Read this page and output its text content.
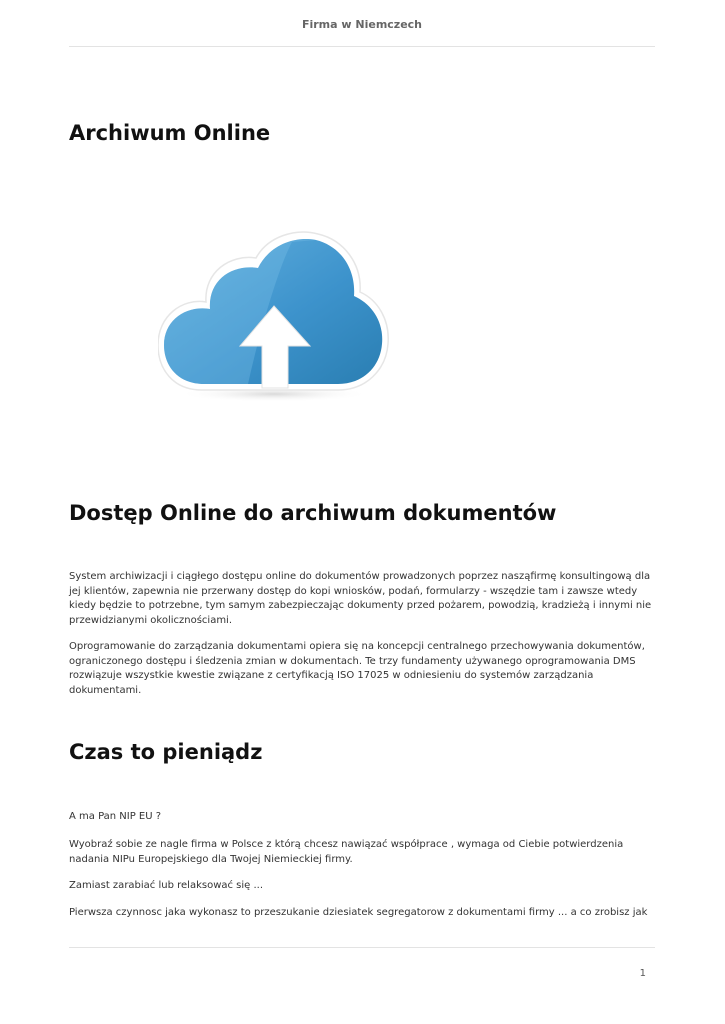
Firma w Niemczech
Archiwum Online
Dostęp Online do archiwum dokumentów

System archiwizacji i ciągłego dostępu online do dokumentów prowadzonych poprzez nasząfirmę konsultingową dla jej klientów, zapewnia nie przerwany dostęp do kopi wniosków, podań, formularzy - wszędzie tam i zawsze wtedy kiedy będzie to potrzebne, tym samym zabezpieczając dokumenty przed pożarem, powodzią, kradzieżą i innymi nie przewidzianymi okolicznościami.

Oprogramowanie do zarządzania dokumentami opiera się na koncepcji centralnego przechowywania dokumentów, ograniczonego dostępu i śledzenia zmian w dokumentach. Te trzy fundamenty używanego oprogramowania DMS rozwiązuje wszystkie kwestie związane z certyfikacją ISO 17025 w odniesieniu do systemów zarządzania dokumentami.

Czas to pieniądz

A ma Pan NIP EU ?

Wyobraź sobie ze nagle firma w Polsce z którą chcesz nawiązać współprace , wymaga od Ciebie potwierdzenia nadania NIPu Europejskiego dla Twojej Niemieckiej firmy.

Zamiast zarabiać lub relaksować się ...

Pierwsza czynnosc jaka wykonasz to przeszukanie dziesiatek segregatorow z dokumentami firmy ... a co zrobisz jak

1
